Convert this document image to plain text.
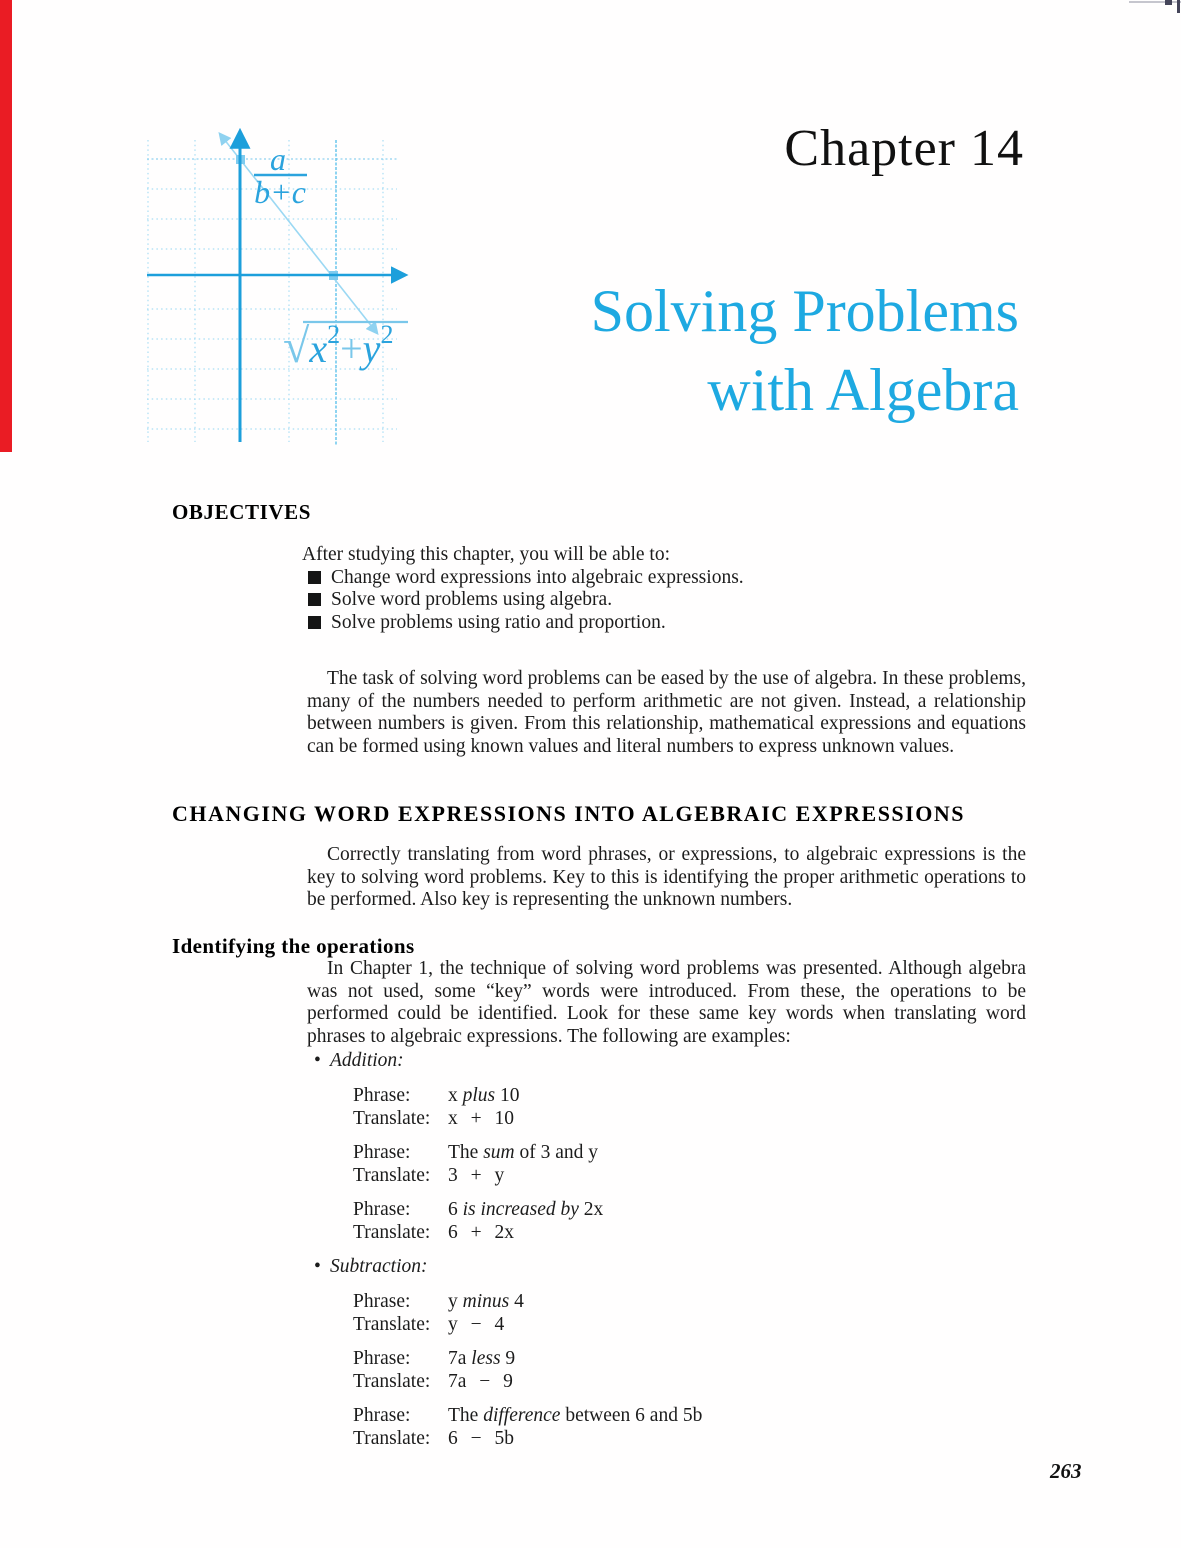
a
b+c
$√x^2+y^2$
Chapter 14
Solving Problems
with Algebra
OBJECTIVES
After studying this chapter, you will be able to:
Change word expressions into algebraic expressions.
Solve word problems using algebra.
Solve problems using ratio and proportion.

The task of solving word problems can be eased by the use of algebra. In these problems, many of the numbers needed to perform arithmetic are not given. Instead, a relationship between numbers is given. From this relationship, mathematical expressions and equations can be formed using known values and literal numbers to express unknown values.

CHANGING WORD EXPRESSIONS INTO ALGEBRAIC EXPRESSIONS

Correctly translating from word phrases, or expressions, to algebraic expressions is the key to solving word problems. Key to this is identifying the proper arithmetic operations to be performed. Also key is representing the unknown numbers.

Identifying the operations

In Chapter 1, the technique of solving word problems was presented. Although algebra was not used, some “key” words were introduced. From these, the operations to be performed could be identified. Look for these same key words when translating word phrases to algebraic expressions. The following are examples:

• Addition:
Phrase: x plus 10
Translate: x + 10
Phrase: The sum of 3 and y
Translate: 3 + y
Phrase: 6 is increased by 2x
Translate: 6 + 2x
• Subtraction:
Phrase: y minus 4
Translate: y − 4
Phrase: 7a less 9
Translate: 7a − 9
Phrase: The difference between 6 and 5b
Translate: 6 − 5b
263
